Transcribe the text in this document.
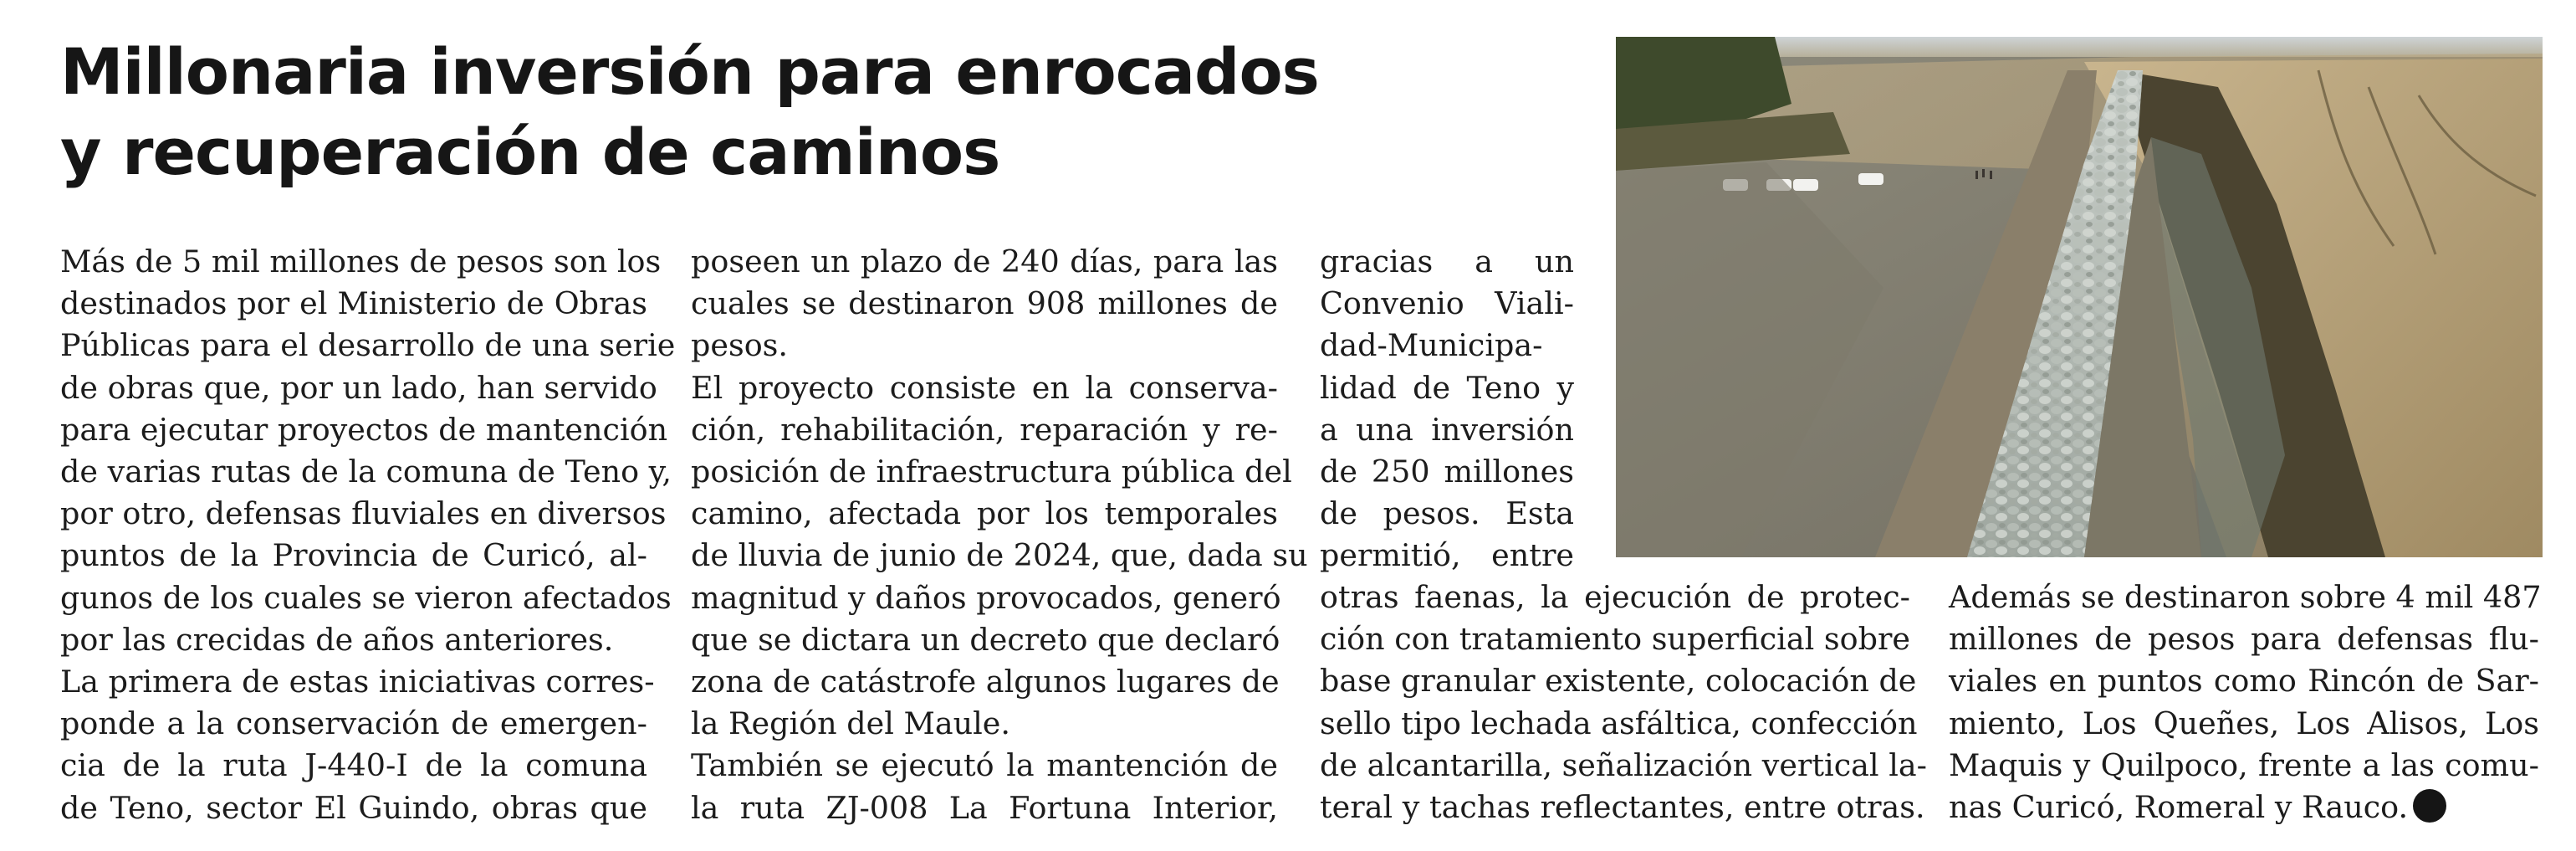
Millonaria inversión para enrocados
y recuperación de caminos

Más de 5 mil millones de pesos son los
destinados por el Ministerio de Obras
Públicas para el desarrollo de una serie
de obras que, por un lado, han servido
para ejecutar proyectos de mantención
de varias rutas de la comuna de Teno y,
por otro, defensas fluviales en diversos
puntos de la Provincia de Curicó, al-
gunos de los cuales se vieron afectados
por las crecidas de años anteriores.

La primera de estas iniciativas corres-
ponde a la conservación de emergen-
cia de la ruta J-440-I de la comuna
de Teno, sector El Guindo, obras que

poseen un plazo de 240 días, para las
cuales se destinaron 908 millones de
pesos.

El proyecto consiste en la conserva-
ción, rehabilitación, reparación y re-
posición de infraestructura pública del
camino, afectada por los temporales
de lluvia de junio de 2024, que, dada su
magnitud y daños provocados, generó
que se dictara un decreto que declaró
zona de catástrofe algunos lugares de
la Región del Maule.

También se ejecutó la mantención de
la ruta ZJ-008 La Fortuna Interior,

gracias a un
Convenio Viali-
dad-Municipa-
lidad de Teno y
a una inversión
de 250 millones
de pesos. Esta
permitió, entre

otras faenas, la ejecución de protec-
ción con tratamiento superficial sobre
base granular existente, colocación de
sello tipo lechada asfáltica, confección
de alcantarilla, señalización vertical la-
teral y tachas reflectantes, entre otras.

Además se destinaron sobre 4 mil 487
millones de pesos para defensas flu-
viales en puntos como Rincón de Sar-
miento, Los Queñes, Los Alisos, Los
Maquis y Quilpoco, frente a las comu-
nas Curicó, Romeral y Rauco.
